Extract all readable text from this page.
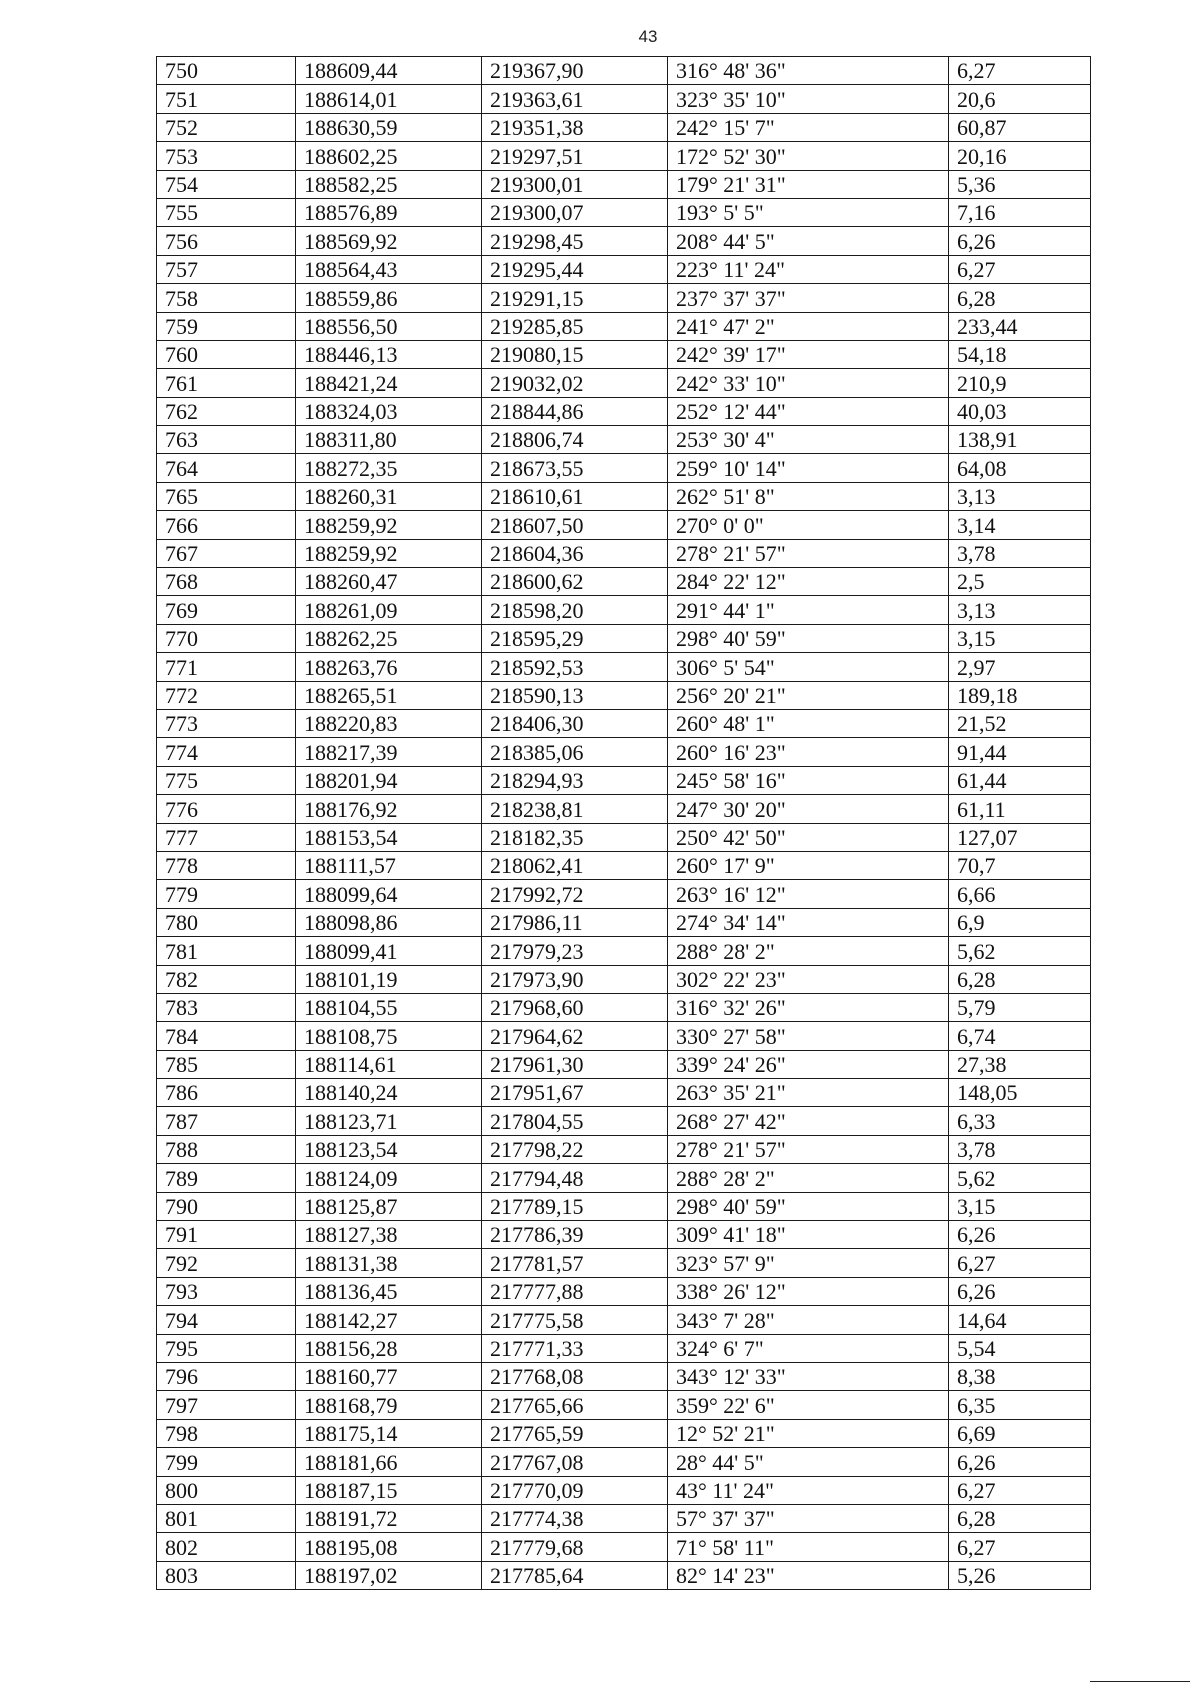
43
750	188609,44	219367,90	316° 48' 36"	6,27
751	188614,01	219363,61	323° 35' 10"	20,6
752	188630,59	219351,38	242° 15' 7"	60,87
753	188602,25	219297,51	172° 52' 30"	20,16
754	188582,25	219300,01	179° 21' 31"	5,36
755	188576,89	219300,07	193° 5' 5"	7,16
756	188569,92	219298,45	208° 44' 5"	6,26
757	188564,43	219295,44	223° 11' 24"	6,27
758	188559,86	219291,15	237° 37' 37"	6,28
759	188556,50	219285,85	241° 47' 2"	233,44
760	188446,13	219080,15	242° 39' 17"	54,18
761	188421,24	219032,02	242° 33' 10"	210,9
762	188324,03	218844,86	252° 12' 44"	40,03
763	188311,80	218806,74	253° 30' 4"	138,91
764	188272,35	218673,55	259° 10' 14"	64,08
765	188260,31	218610,61	262° 51' 8"	3,13
766	188259,92	218607,50	270° 0' 0"	3,14
767	188259,92	218604,36	278° 21' 57"	3,78
768	188260,47	218600,62	284° 22' 12"	2,5
769	188261,09	218598,20	291° 44' 1"	3,13
770	188262,25	218595,29	298° 40' 59"	3,15
771	188263,76	218592,53	306° 5' 54"	2,97
772	188265,51	218590,13	256° 20' 21"	189,18
773	188220,83	218406,30	260° 48' 1"	21,52
774	188217,39	218385,06	260° 16' 23"	91,44
775	188201,94	218294,93	245° 58' 16"	61,44
776	188176,92	218238,81	247° 30' 20"	61,11
777	188153,54	218182,35	250° 42' 50"	127,07
778	188111,57	218062,41	260° 17' 9"	70,7
779	188099,64	217992,72	263° 16' 12"	6,66
780	188098,86	217986,11	274° 34' 14"	6,9
781	188099,41	217979,23	288° 28' 2"	5,62
782	188101,19	217973,90	302° 22' 23"	6,28
783	188104,55	217968,60	316° 32' 26"	5,79
784	188108,75	217964,62	330° 27' 58"	6,74
785	188114,61	217961,30	339° 24' 26"	27,38
786	188140,24	217951,67	263° 35' 21"	148,05
787	188123,71	217804,55	268° 27' 42"	6,33
788	188123,54	217798,22	278° 21' 57"	3,78
789	188124,09	217794,48	288° 28' 2"	5,62
790	188125,87	217789,15	298° 40' 59"	3,15
791	188127,38	217786,39	309° 41' 18"	6,26
792	188131,38	217781,57	323° 57' 9"	6,27
793	188136,45	217777,88	338° 26' 12"	6,26
794	188142,27	217775,58	343° 7' 28"	14,64
795	188156,28	217771,33	324° 6' 7"	5,54
796	188160,77	217768,08	343° 12' 33"	8,38
797	188168,79	217765,66	359° 22' 6"	6,35
798	188175,14	217765,59	12° 52' 21"	6,69
799	188181,66	217767,08	28° 44' 5"	6,26
800	188187,15	217770,09	43° 11' 24"	6,27
801	188191,72	217774,38	57° 37' 37"	6,28
802	188195,08	217779,68	71° 58' 11"	6,27
803	188197,02	217785,64	82° 14' 23"	5,26
